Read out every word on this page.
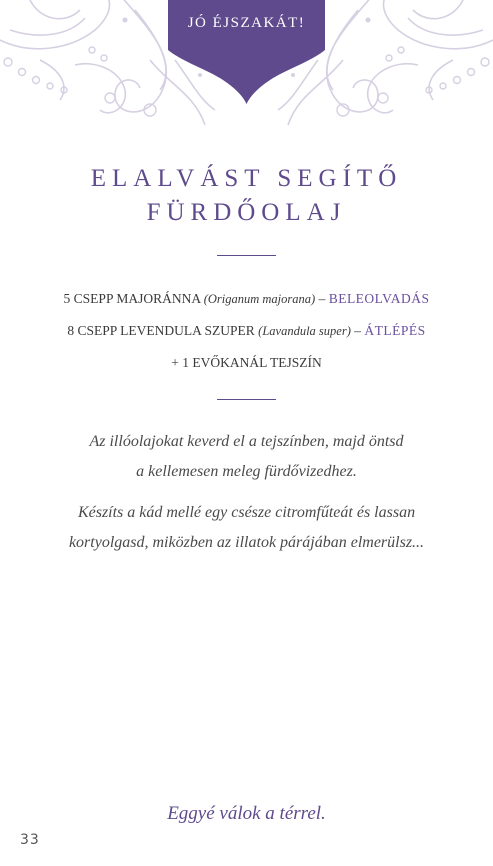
JÓ ÉJSZAKÁT!
ELALVÁST SEGÍTŐ
FÜRDŐOLAJ
5 CSEPP MAJORÁNNA (Origanum majorana) – BELEOLVADÁS
8 CSEPP LEVENDULA SZUPER (Lavandula super) – ÁTLÉPÉS
+ 1 EVŐKANÁL TEJSZÍN
Az illóolajokat keverd el a tejszínben, majd öntsd
a kellemesen meleg fürdővizedhez.
Készíts a kád mellé egy csésze citromfűteát és lassan
kortyolgasd, miközben az illatok párájában elmerülsz...
Eggyé válok a térrel.
33
